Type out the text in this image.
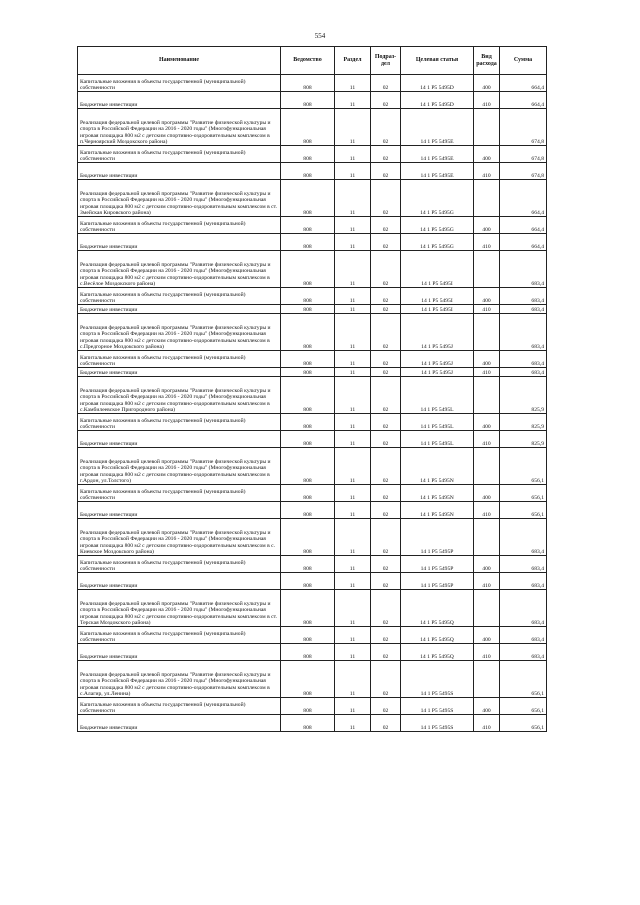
554
Наименование	Ведомство	Раздел	Подраз-дел	Целевая статья	Вид расхода	Сумма
Капитальные вложения в объекты государственной (муниципальной) собственности	808	11	02	14 1 P5 5495D	400	664,4
Бюджетные инвестиции	808	11	02	14 1 P5 5495D	410	664,4
Реализация федеральной целевой программы "Развитие физической культуры и спорта в Российской Федерации на 2016 - 2020 годы" (Многофункциональная игровая площадка 800 м2 с детским спортивно-оздоровительным комплексом в п.Черноярский Моздокского района)	808	11	02	14 1 P5 5495E		674,8
Капитальные вложения в объекты государственной (муниципальной) собственности	808	11	02	14 1 P5 5495E	400	674,8
Бюджетные инвестиции	808	11	02	14 1 P5 5495E	410	674,8
Реализация федеральной целевой программы "Развитие физической культуры и спорта в Российской Федерации на 2016 - 2020 годы" (Многофункциональная игровая площадка 800 м2 с детским спортивно-оздоровительным комплексом в ст. Змейская Кировского района)	808	11	02	14 1 P5 5495G		664,4
Капитальные вложения в объекты государственной (муниципальной) собственности	808	11	02	14 1 P5 5495G	400	664,4
Бюджетные инвестиции	808	11	02	14 1 P5 5495G	410	664,4
Реализация федеральной целевой программы "Развитие физической культуры и спорта в Российской Федерации на 2016 - 2020 годы" (Многофункциональная игровая площадка 800 м2 с детским спортивно-оздоровительным комплексом в с.Весёлое Моздокского района)	808	11	02	14 1 P5 5495I		683,4
Капитальные вложения в объекты государственной (муниципальной) собственности	808	11	02	14 1 P5 5495I	400	683,4
Бюджетные инвестиции	808	11	02	14 1 P5 5495I	410	683,4
Реализация федеральной целевой программы "Развитие физической культуры и спорта в Российской Федерации на 2016 - 2020 годы" (Многофункциональная игровая площадка 800 м2 с детским спортивно-оздоровительным комплексом в с.Предгорное Моздокского района)	808	11	02	14 1 P5 5495J		683,4
Капитальные вложения в объекты государственной (муниципальной) собственности	808	11	02	14 1 P5 5495J	400	683,4
Бюджетные инвестиции	808	11	02	14 1 P5 5495J	410	683,4
Реализация федеральной целевой программы "Развитие физической культуры и спорта в Российской Федерации на 2016 - 2020 годы" (Многофункциональная игровая площадка 800 м2 с детским спортивно-оздоровительным комплексом в с.Камбилеевское Пригородного района)	808	11	02	14 1 P5 5495L		825,9
Капитальные вложения в объекты государственной (муниципальной) собственности	808	11	02	14 1 P5 5495L	400	825,9
Бюджетные инвестиции	808	11	02	14 1 P5 5495L	410	825,9
Реализация федеральной целевой программы "Развитие физической культуры и спорта в Российской Федерации на 2016 - 2020 годы" (Многофункциональная игровая площадка 800 м2 с детским спортивно-оздоровительным комплексом в г.Ардон, ул.Толстого)	808	11	02	14 1 P5 5495N		656,1
Капитальные вложения в объекты государственной (муниципальной) собственности	808	11	02	14 1 P5 5495N	400	656,1
Бюджетные инвестиции	808	11	02	14 1 P5 5495N	410	656,1
Реализация федеральной целевой программы "Развитие физической культуры и спорта в Российской Федерации на 2016 - 2020 годы" (Многофункциональная игровая площадка 800 м2 с детским спортивно-оздоровительным комплексом в с. Киевское Моздокского района)	808	11	02	14 1 P5 5495P		683,4
Капитальные вложения в объекты государственной (муниципальной) собственности	808	11	02	14 1 P5 5495P	400	683,4
Бюджетные инвестиции	808	11	02	14 1 P5 5495P	410	683,4
Реализация федеральной целевой программы "Развитие физической культуры и спорта в Российской Федерации на 2016 - 2020 годы" (Многофункциональная игровая площадка 800 м2 с детским спортивно-оздоровительным комплексом в ст. Терская Моздокского района)	808	11	02	14 1 P5 5495Q		683,4
Капитальные вложения в объекты государственной (муниципальной) собственности	808	11	02	14 1 P5 5495Q	400	683,4
Бюджетные инвестиции	808	11	02	14 1 P5 5495Q	410	683,4
Реализация федеральной целевой программы "Развитие физической культуры и спорта в Российской Федерации на 2016 - 2020 годы" (Многофункциональная игровая площадка 800 м2 с детским спортивно-оздоровительным комплексом в с.Алагир, ул.Ленина)	808	11	02	14 1 P5 5495S		656,1
Капитальные вложения в объекты государственной (муниципальной) собственности	808	11	02	14 1 P5 5495S	400	656,1
Бюджетные инвестиции	808	11	02	14 1 P5 5495S	410	656,1
